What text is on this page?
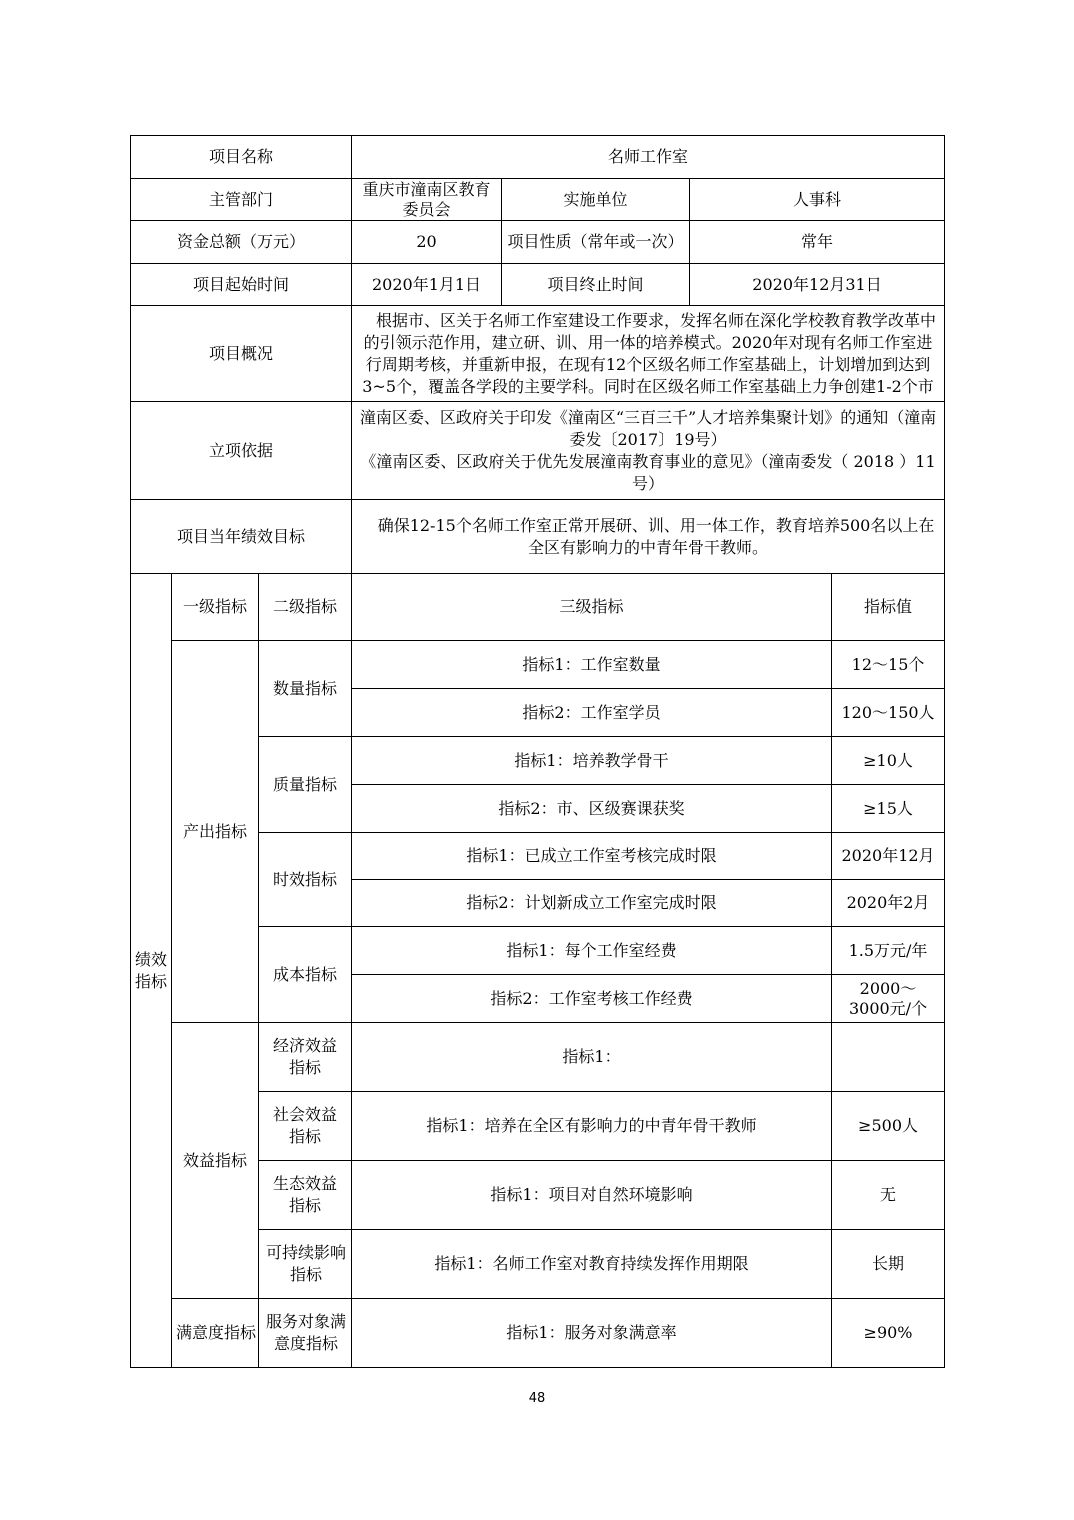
项目名称			名师工作室			
主管部门			重庆市潼南区教育委员会	实施单位	人事科	
资金总额（万元）			20	项目性质（常年或一次）	常年	
项目起始时间			2020年1月1日	项目终止时间	2020年12月31日	
项目概况			根据市、区关于名师工作室建设工作要求，发挥名师在深化学校教育教学改革中的引领示范作用，建立研、训、用一体的培养模式。2020年对现有名师工作室进行周期考核，并重新申报，在现有12个区级名师工作室基础上，计划增加到达到3~5个，覆盖各学段的主要学科。同时在区级名师工作室基础上力争创建1-2个市			

立项依据			潼南区委、区政府关于印发《潼南区“三百三千”人才培养集聚计划》的通知（潼南委发〔2017〕19号）
《潼南区委、区政府关于优先发展潼南教育事业的意见》（潼南委发（ 2018 ）11号）			

项目当年绩效目标			确保12-15个名师工作室正常开展研、训、用一体工作，教育培养500名以上在全区有影响力的中青年骨干教师。			

绩效指标	一级指标	二级指标	三级指标			指标值
	产出指标	数量指标	指标1：工作室数量			12～15个
			指标2：工作室学员			120～150人
		质量指标	指标1：培养教学骨干			≥10人
			指标2：市、区级赛课获奖			≥15人
		时效指标	指标1：已成立工作室考核完成时限			2020年12月
			指标2：计划新成立工作室完成时限			2020年2月
		成本指标	指标1：每个工作室经费			1.5万元/年
			指标2：工作室考核工作经费			2000～3000元/个

	效益指标	经济效益指标	指标1：			

		社会效益指标	指标1：培养在全区有影响力的中青年骨干教师			≥500人

		生态效益指标	指标1：项目对自然环境影响			无

		可持续影响指标	指标1：名师工作室对教育持续发挥作用期限			长期

	满意度指标	服务对象满意度指标	指标1：服务对象满意率			≥90%
48
